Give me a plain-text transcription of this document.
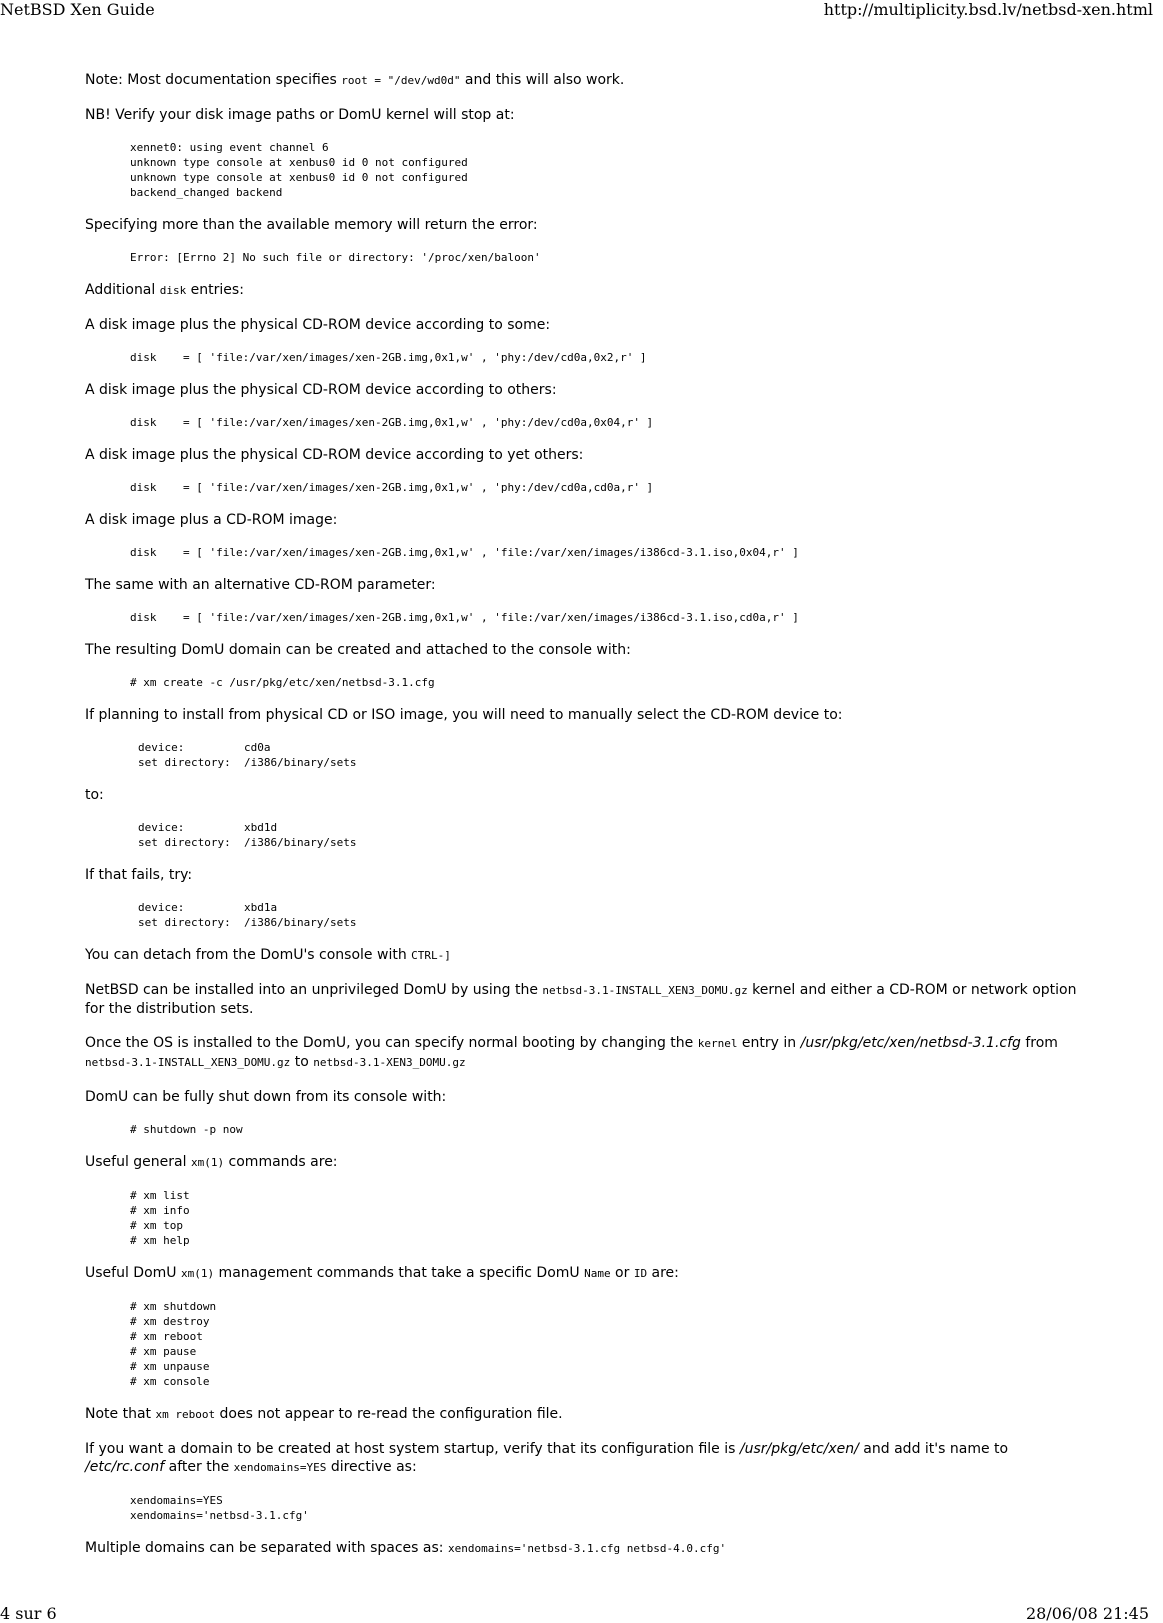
NetBSD Xen Guide	http://multiplicity.bsd.lv/netbsd-xen.html

Note: Most documentation specifies root = "/dev/wd0d" and this will also work.

NB! Verify your disk image paths or DomU kernel will stop at:

xennet0: using event channel 6
unknown type console at xenbus0 id 0 not configured
unknown type console at xenbus0 id 0 not configured
backend_changed backend

Specifying more than the available memory will return the error:

Error: [Errno 2] No such file or directory: '/proc/xen/baloon'

Additional disk entries:

A disk image plus the physical CD-ROM device according to some:

disk    = [ 'file:/var/xen/images/xen-2GB.img,0x1,w' , 'phy:/dev/cd0a,0x2,r' ]

A disk image plus the physical CD-ROM device according to others:

disk    = [ 'file:/var/xen/images/xen-2GB.img,0x1,w' , 'phy:/dev/cd0a,0x04,r' ]

A disk image plus the physical CD-ROM device according to yet others:

disk    = [ 'file:/var/xen/images/xen-2GB.img,0x1,w' , 'phy:/dev/cd0a,cd0a,r' ]

A disk image plus a CD-ROM image:

disk    = [ 'file:/var/xen/images/xen-2GB.img,0x1,w' , 'file:/var/xen/images/i386cd-3.1.iso,0x04,r' ]

The same with an alternative CD-ROM parameter:

disk    = [ 'file:/var/xen/images/xen-2GB.img,0x1,w' , 'file:/var/xen/images/i386cd-3.1.iso,cd0a,r' ]

The resulting DomU domain can be created and attached to the console with:

# xm create -c /usr/pkg/etc/xen/netbsd-3.1.cfg

If planning to install from physical CD or ISO image, you will need to manually select the CD-ROM device to:

device:         cd0a
set directory:  /i386/binary/sets

to:

device:         xbd1d
set directory:  /i386/binary/sets

If that fails, try:

device:         xbd1a
set directory:  /i386/binary/sets

You can detach from the DomU's console with CTRL-]

NetBSD can be installed into an unprivileged DomU by using the netbsd-3.1-INSTALL_XEN3_DOMU.gz kernel and either a CD-ROM or network option for the distribution sets.

Once the OS is installed to the DomU, you can specify normal booting by changing the kernel entry in /usr/pkg/etc/xen/netbsd-3.1.cfg from netbsd-3.1-INSTALL_XEN3_DOMU.gz to netbsd-3.1-XEN3_DOMU.gz

DomU can be fully shut down from its console with:

# shutdown -p now

Useful general xm(1) commands are:

# xm list
# xm info
# xm top
# xm help

Useful DomU xm(1) management commands that take a specific DomU Name or ID are:

# xm shutdown
# xm destroy
# xm reboot
# xm pause
# xm unpause
# xm console

Note that xm reboot does not appear to re-read the configuration file.

If you want a domain to be created at host system startup, verify that its configuration file is /usr/pkg/etc/xen/ and add it's name to /etc/rc.conf after the xendomains=YES directive as:

xendomains=YES
xendomains='netbsd-3.1.cfg'

Multiple domains can be separated with spaces as: xendomains='netbsd-3.1.cfg netbsd-4.0.cfg'

4 sur 6	28/06/08 21:45
